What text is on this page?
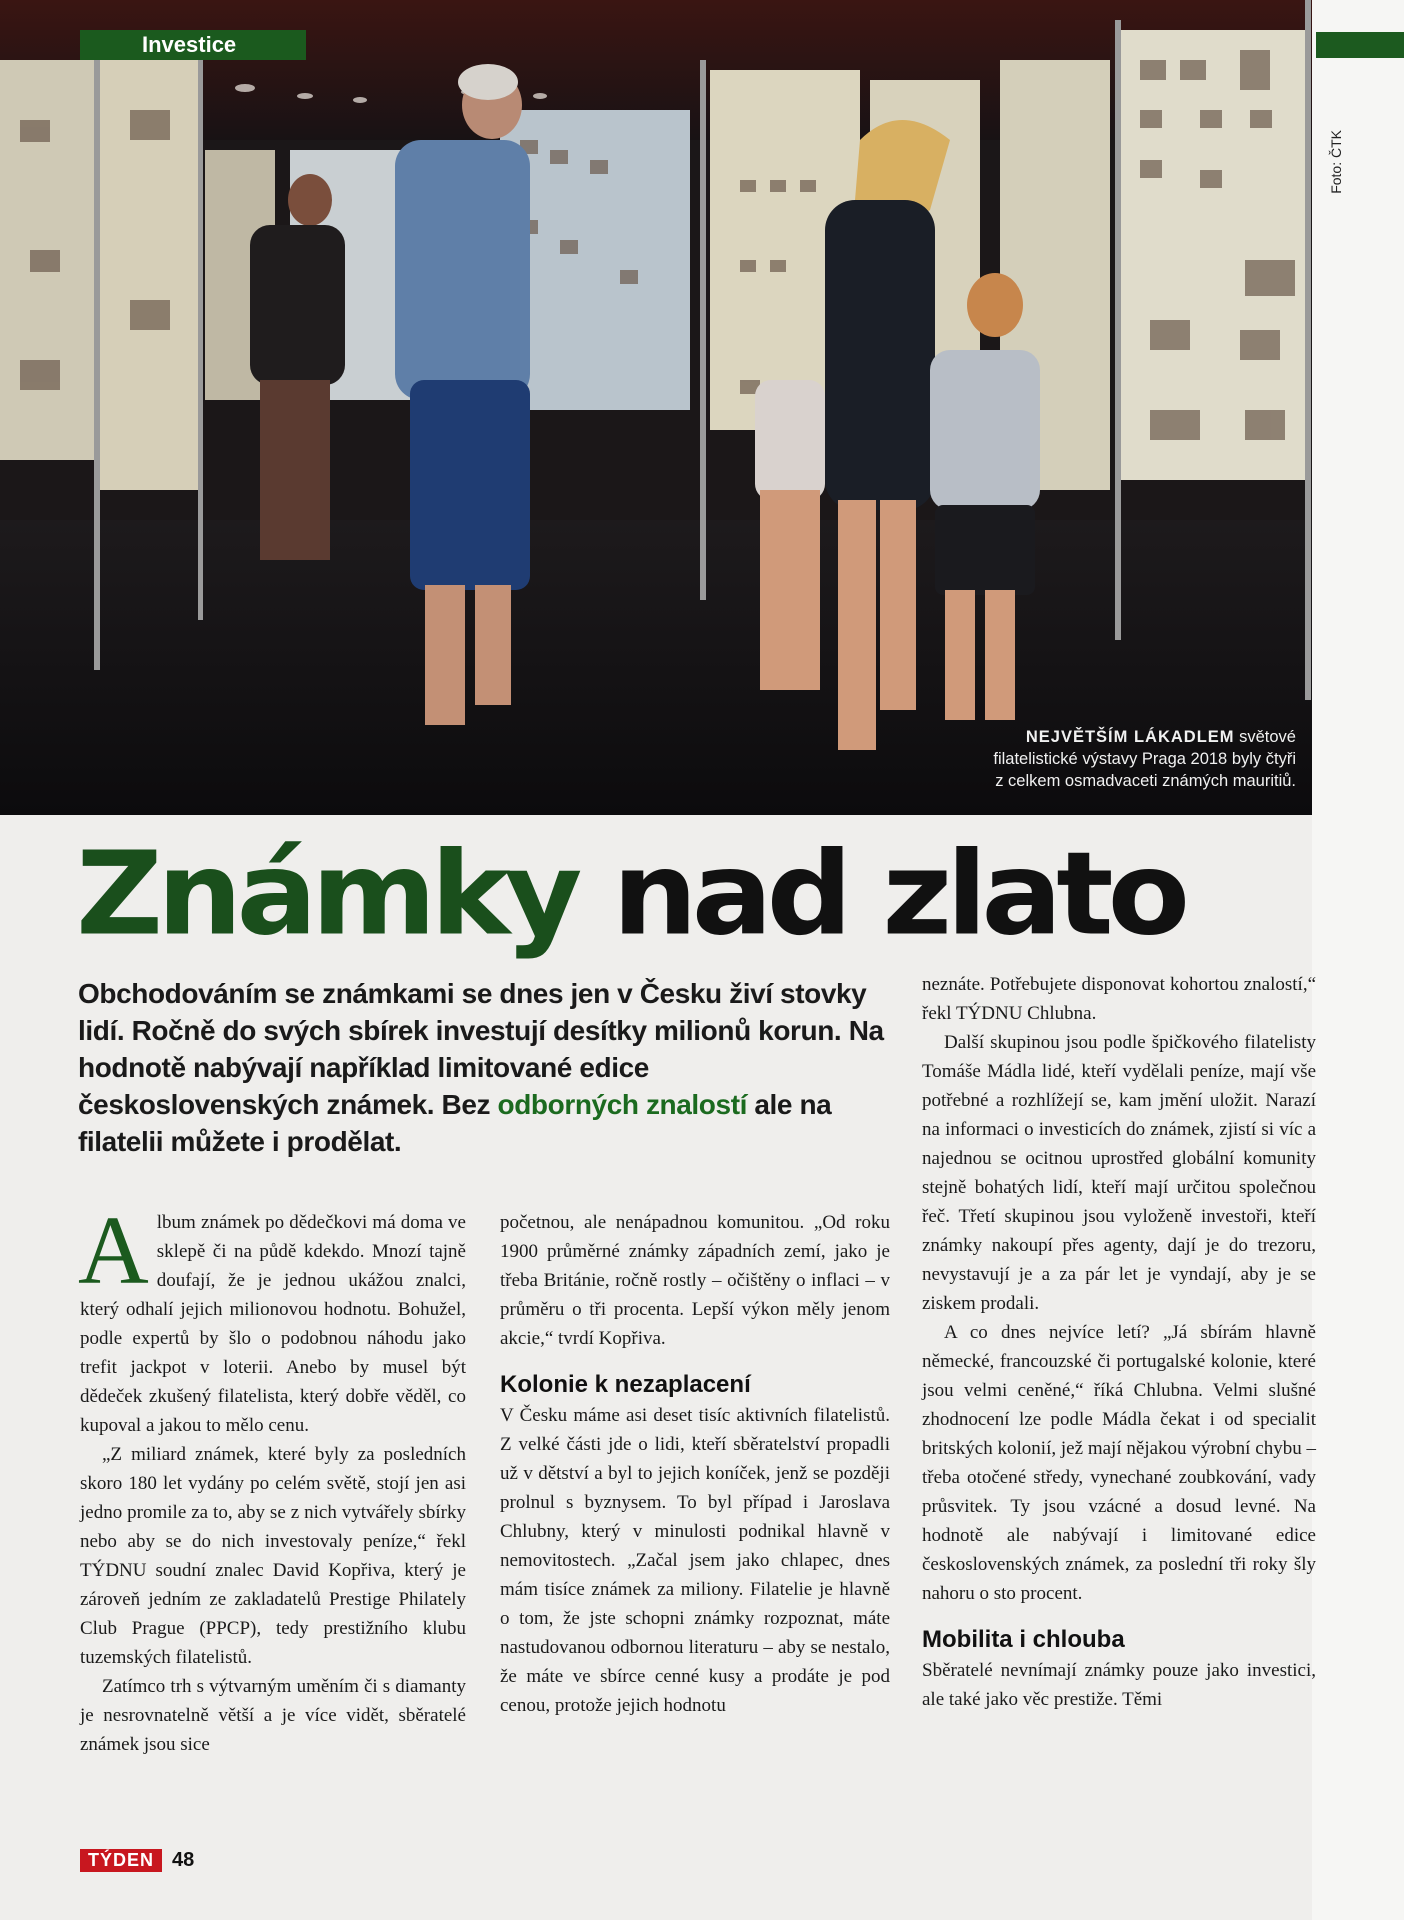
Investice
Foto: ČTK
NEJVĚTŠÍM LÁKADLEM světové
filatelistické výstavy Praga 2018 byly čtyři
z celkem osmadvaceti známých mauritiů.
Známky nad zlato

Obchodováním se známkami se dnes jen v Česku živí stovky lidí. Ročně do svých sbírek investují desítky milionů korun. Na hodnotě nabývají například limitované edice československých známek. Bez odborných znalostí ale na filatelii můžete i prodělat.

Album známek po dědečkovi má doma ve sklepě či na půdě kdekdo. Mnozí tajně doufají, že je jednou ukážou znalci, který odhalí jejich milionovou hodnotu. Bohužel, podle expertů by šlo o podobnou náhodu jako trefit jackpot v loterii. Anebo by musel být dědeček zkušený filatelista, který dobře věděl, co kupoval a jakou to mělo cenu.

„Z miliard známek, které byly za posledních skoro 180 let vydány po celém světě, stojí jen asi jedno promile za to, aby se z nich vytvářely sbírky nebo aby se do nich investovaly peníze,“ řekl TÝDNU soudní znalec David Kopřiva, který je zároveň jedním ze zakladatelů Prestige Philately Club Prague (PPCP), tedy prestižního klubu tuzemských filatelistů.

Zatímco trh s výtvarným uměním či s diamanty je nesrovnatelně větší a je více vidět, sběratelé známek jsou sice

početnou, ale nenápadnou komunitou. „Od roku 1900 průměrné známky západních zemí, jako je třeba Británie, ročně rostly – očištěny o inflaci – v průměru o tři procenta. Lepší výkon měly jenom akcie,“ tvrdí Kopřiva.

Kolonie k nezaplacení

V Česku máme asi deset tisíc aktivních filatelistů. Z velké části jde o lidi, kteří sběratelství propadli už v dětství a byl to jejich koníček, jenž se později prolnul s byznysem. To byl případ i Jaroslava Chlubny, který v minulosti podnikal hlavně v nemovitostech. „Začal jsem jako chlapec, dnes mám tisíce známek za miliony. Filatelie je hlavně o tom, že jste schopni známky rozpoznat, máte nastudovanou odbornou literaturu – aby se nestalo, že máte ve sbírce cenné kusy a prodáte je pod cenou, protože jejich hodnotu

neznáte. Potřebujete disponovat kohortou znalostí,“ řekl TÝDNU Chlubna.

Další skupinou jsou podle špičkového filatelisty Tomáše Mádla lidé, kteří vydělali peníze, mají vše potřebné a rozhlížejí se, kam jmění uložit. Narazí na informaci o investicích do známek, zjistí si víc a najednou se ocitnou uprostřed globální komunity stejně bohatých lidí, kteří mají určitou společnou řeč. Třetí skupinou jsou vyloženě investoři, kteří známky nakoupí přes agenty, dají je do trezoru, nevystavují je a za pár let je vyndají, aby je se ziskem prodali.

A co dnes nejvíce letí? „Já sbírám hlavně německé, francouzské či portugalské kolonie, které jsou velmi ceněné,“ říká Chlubna. Velmi slušné zhodnocení lze podle Mádla čekat i od specialit britských kolonií, jež mají nějakou výrobní chybu – třeba otočené středy, vynechané zoubkování, vady průsvitek. Ty jsou vzácné a dosud levné. Na hodnotě ale nabývají i limitované edice československých známek, za poslední tři roky šly nahoru o sto procent.

Mobilita i chlouba

Sběratelé nevnímají známky pouze jako investici, ale také jako věc prestiže. Těmi

TÝDEN 48
